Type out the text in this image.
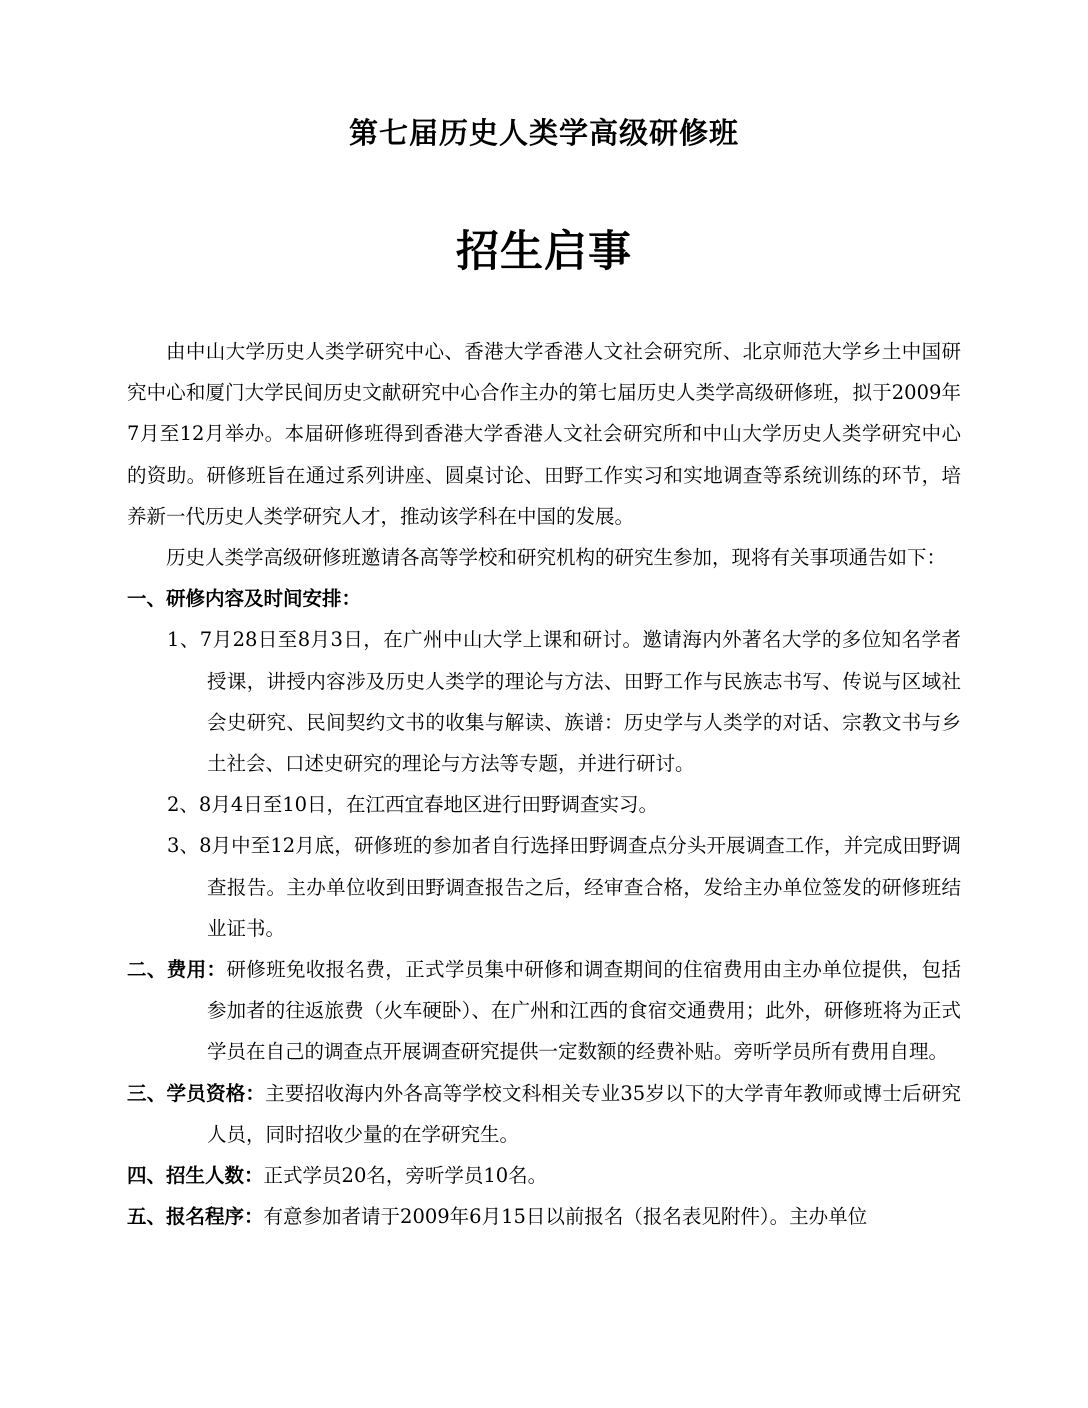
第七届历史人类学高级研修班
招生启事

由中山大学历史人类学研究中心、香港大学香港人文社会研究所、北京师范大学乡土中国研究中心和厦门大学民间历史文献研究中心合作主办的第七届历史人类学高级研修班，拟于2009年7月至12月举办。本届研修班得到香港大学香港人文社会研究所和中山大学历史人类学研究中心的资助。研修班旨在通过系列讲座、圆桌讨论、田野工作实习和实地调查等系统训练的环节，培养新一代历史人类学研究人才，推动该学科在中国的发展。

历史人类学高级研修班邀请各高等学校和研究机构的研究生参加，现将有关事项通告如下：

一、研修内容及时间安排：

1、7月28日至8月3日，在广州中山大学上课和研讨。邀请海内外著名大学的多位知名学者授课，讲授内容涉及历史人类学的理论与方法、田野工作与民族志书写、传说与区域社会史研究、民间契约文书的收集与解读、族谱：历史学与人类学的对话、宗教文书与乡土社会、口述史研究的理论与方法等专题，并进行研讨。

2、8月4日至10日，在江西宜春地区进行田野调查实习。

3、8月中至12月底，研修班的参加者自行选择田野调查点分头开展调查工作，并完成田野调查报告。主办单位收到田野调查报告之后，经审查合格，发给主办单位签发的研修班结业证书。

二、费用：研修班免收报名费，正式学员集中研修和调查期间的住宿费用由主办单位提供，包括参加者的往返旅费（火车硬卧）、在广州和江西的食宿交通费用；此外，研修班将为正式学员在自己的调查点开展调查研究提供一定数额的经费补贴。旁听学员所有费用自理。

三、学员资格：主要招收海内外各高等学校文科相关专业35岁以下的大学青年教师或博士后研究人员，同时招收少量的在学研究生。

四、招生人数：正式学员20名，旁听学员10名。

五、报名程序：有意参加者请于2009年6月15日以前报名（报名表见附件）。主办单位
